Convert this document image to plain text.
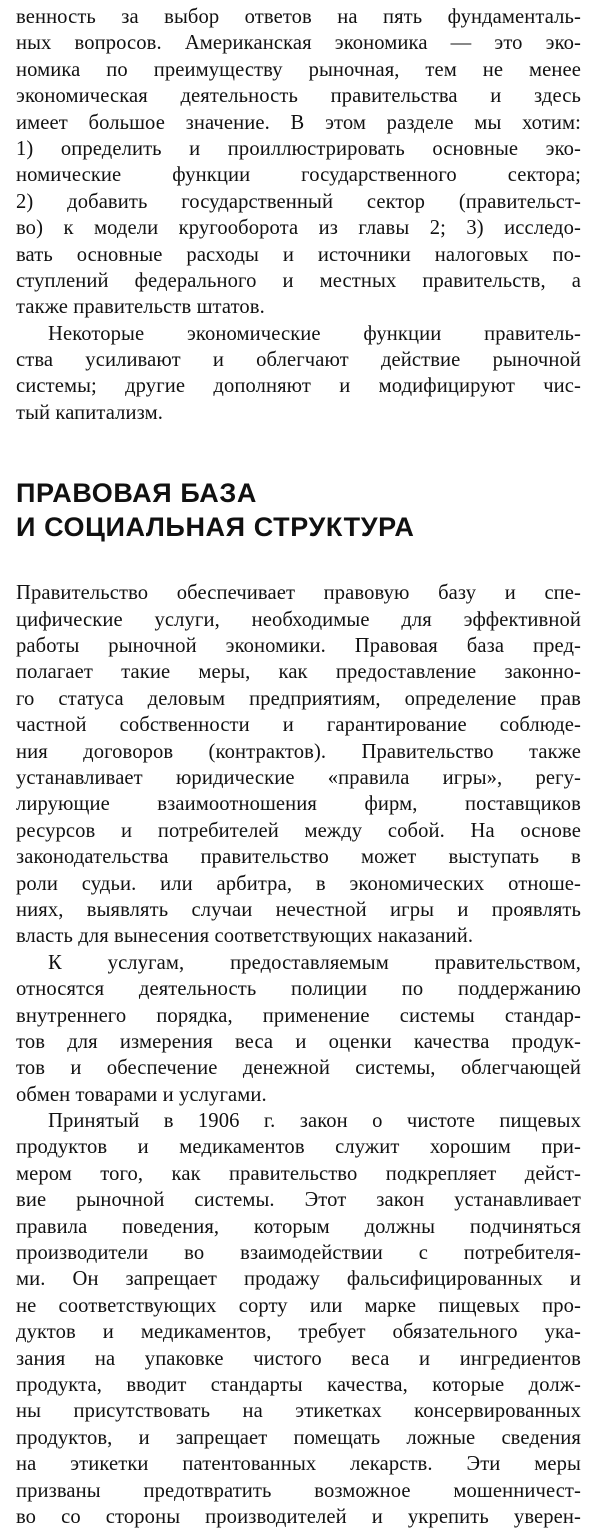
венность за выбор ответов на пять фундаменталь-
ных вопросов. Американская экономика — это эко-
номика по преимуществу рыночная, тем не менее
экономическая деятельность правительства и здесь
имеет большое значение. В этом разделе мы хотим:
1) определить и проиллюстрировать основные эко-
номические функции государственного сектора;
2) добавить государственный сектор (правительст-
во) к модели кругооборота из главы 2; 3) исследо-
вать основные расходы и источники налоговых по-
ступлений федерального и местных правительств, а
также правительств штатов.
Некоторые экономические функции правитель-
ства усиливают и облегчают действие рыночной
системы; другие дополняют и модифицируют чис-
тый капитализм.
ПРАВОВАЯ БАЗА
И СОЦИАЛЬНАЯ СТРУКТУРА
Правительство обеспечивает правовую базу и спе-
цифические услуги, необходимые для эффективной
работы рыночной экономики. Правовая база пред-
полагает такие меры, как предоставление законно-
го статуса деловым предприятиям, определение прав
частной собственности и гарантирование соблюде-
ния договоров (контрактов). Правительство также
устанавливает юридические «правила игры», регу-
лирующие взаимоотношения фирм, поставщиков
ресурсов и потребителей между собой. На основе
законодательства правительство может выступать в
роли судьи. или арбитра, в экономических отноше-
ниях, выявлять случаи нечестной игры и проявлять
власть для вынесения соответствующих наказаний.
К услугам, предоставляемым правительством,
относятся деятельность полиции по поддержанию
внутреннего порядка, применение системы стандар-
тов для измерения веса и оценки качества продук-
тов и обеспечение денежной системы, облегчающей
обмен товарами и услугами.
Принятый в 1906 г. закон о чистоте пищевых
продуктов и медикаментов служит хорошим при-
мером того, как правительство подкрепляет дейст-
вие рыночной системы. Этот закон устанавливает
правила поведения, которым должны подчиняться
производители во взаимодействии с потребителя-
ми. Он запрещает продажу фальсифицированных и
не соответствующих сорту или марке пищевых про-
дуктов и медикаментов, требует обязательного ука-
зания на упаковке чистого веса и ингредиентов
продукта, вводит стандарты качества, которые долж-
ны присутствовать на этикетках консервированных
продуктов, и запрещает помещать ложные сведения
на этикетки патентованных лекарств. Эти меры
призваны предотвратить возможное мошенничест-
во со стороны производителей и укрепить уверен-
